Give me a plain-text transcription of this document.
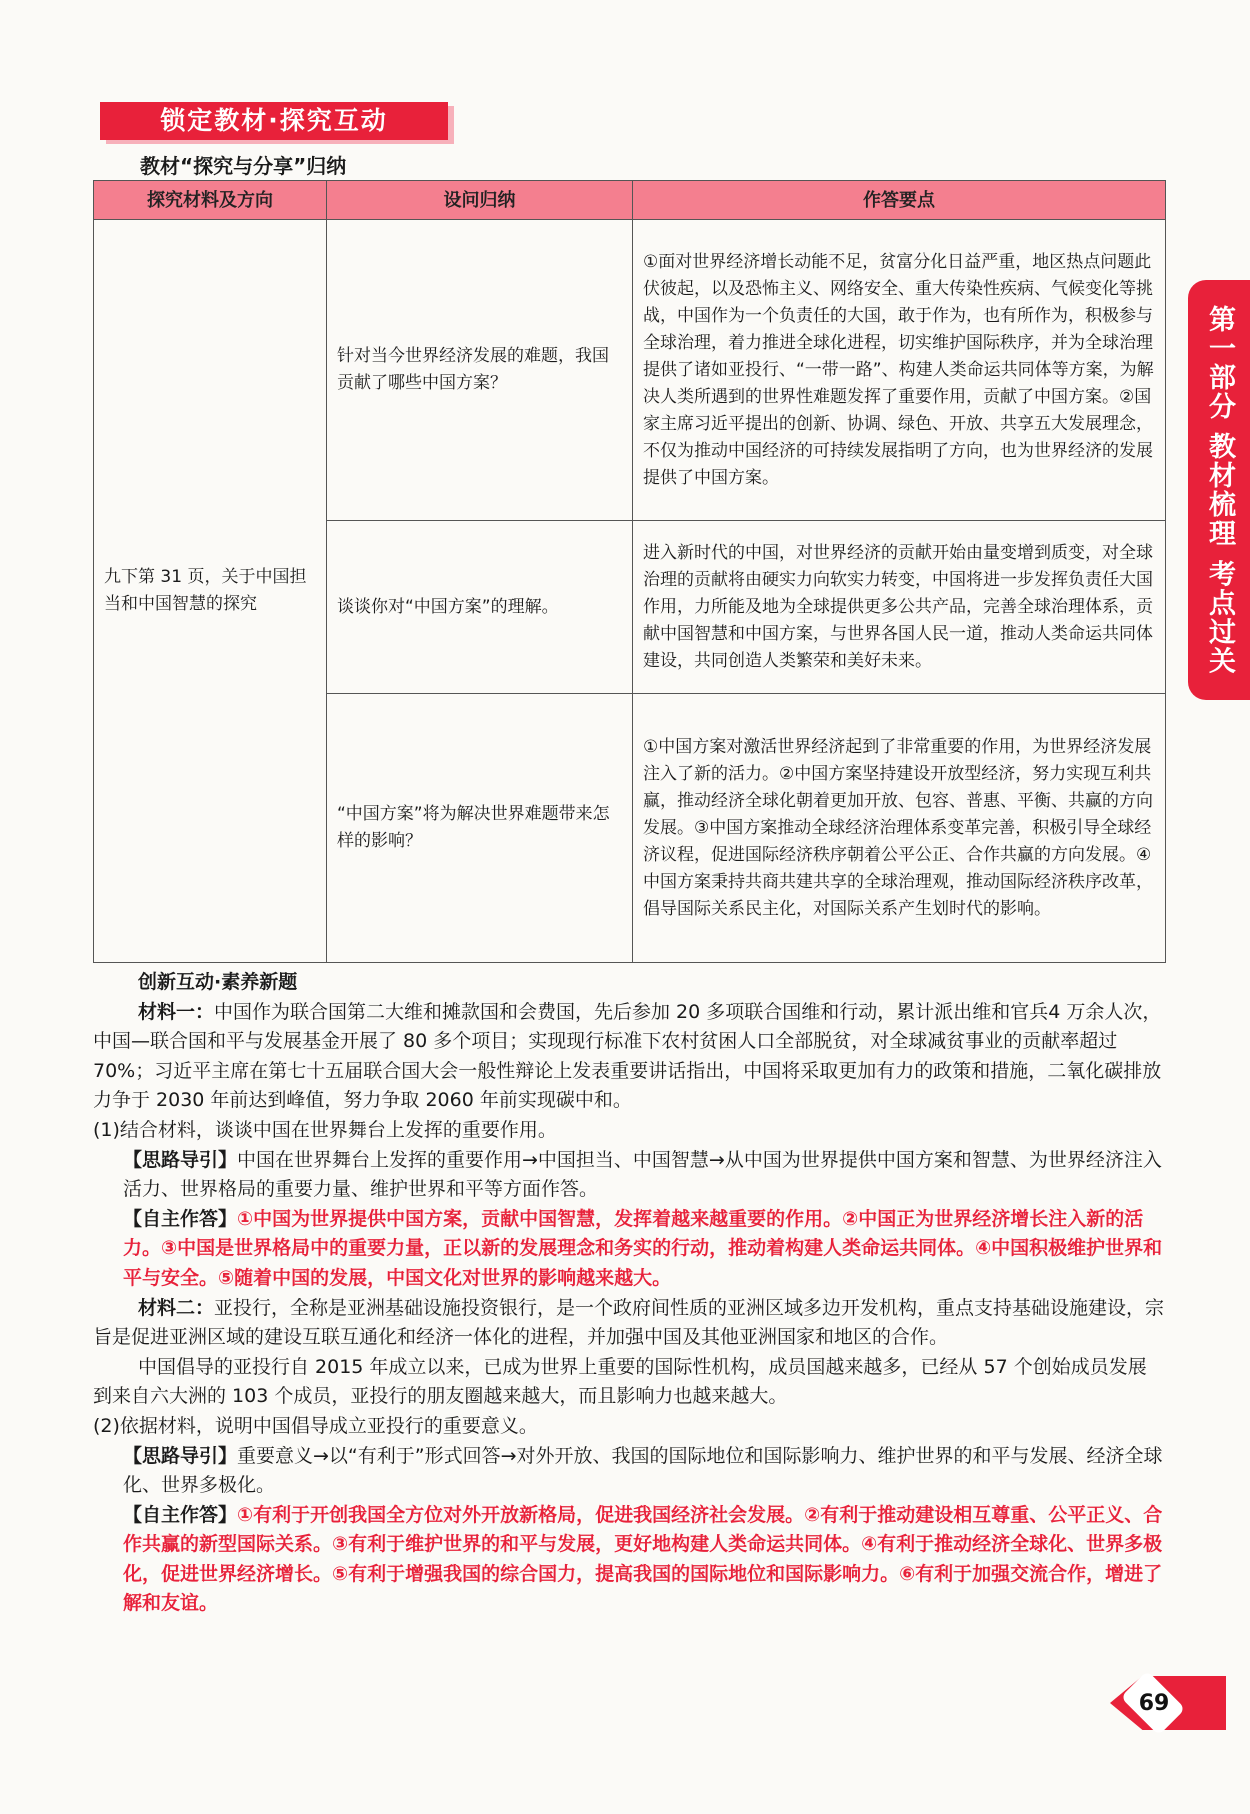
锁定教材·探究互动
教材“探究与分享”归纳
探究材料及方向	设问归纳	作答要点
九下第 31 页，关于中国担当和中国智慧的探究	针对当今世界经济发展的难题，我国贡献了哪些中国方案？	①面对世界经济增长动能不足，贫富分化日益严重，地区热点问题此伏彼起，以及恐怖主义、网络安全、重大传染性疾病、气候变化等挑战，中国作为一个负责任的大国，敢于作为，也有所作为，积极参与全球治理，着力推进全球化进程，切实维护国际秩序，并为全球治理提供了诸如亚投行、“一带一路”、构建人类命运共同体等方案，为解决人类所遇到的世界性难题发挥了重要作用，贡献了中国方案。②国家主席习近平提出的创新、协调、绿色、开放、共享五大发展理念，不仅为推动中国经济的可持续发展指明了方向，也为世界经济的发展提供了中国方案。
	谈谈你对“中国方案”的理解。	进入新时代的中国，对世界经济的贡献开始由量变增到质变，对全球治理的贡献将由硬实力向软实力转变，中国将进一步发挥负责任大国作用，力所能及地为全球提供更多公共产品，完善全球治理体系，贡献中国智慧和中国方案，与世界各国人民一道，推动人类命运共同体建设，共同创造人类繁荣和美好未来。
	“中国方案”将为解决世界难题带来怎样的影响？	①中国方案对激活世界经济起到了非常重要的作用，为世界经济发展注入了新的活力。②中国方案坚持建设开放型经济，努力实现互利共赢，推动经济全球化朝着更加开放、包容、普惠、平衡、共赢的方向发展。③中国方案推动全球经济治理体系变革完善，积极引导全球经济议程，促进国际经济秩序朝着公平公正、合作共赢的方向发展。④中国方案秉持共商共建共享的全球治理观，推动国际经济秩序改革，倡导国际关系民主化，对国际关系产生划时代的影响。
第一部分 教材梳理 考点过关

创新互动·素养新题

材料一：中国作为联合国第二大维和摊款国和会费国，先后参加 20 多项联合国维和行动，累计派出维和官兵4 万余人次，中国—联合国和平与发展基金开展了 80 多个项目；实现现行标准下农村贫困人口全部脱贫，对全球减贫事业的贡献率超过 70%；习近平主席在第七十五届联合国大会一般性辩论上发表重要讲话指出，中国将采取更加有力的政策和措施，二氧化碳排放力争于 2030 年前达到峰值，努力争取 2060 年前实现碳中和。

(1)结合材料，谈谈中国在世界舞台上发挥的重要作用。

【思路导引】中国在世界舞台上发挥的重要作用→中国担当、中国智慧→从中国为世界提供中国方案和智慧、为世界经济注入活力、世界格局的重要力量、维护世界和平等方面作答。

【自主作答】①中国为世界提供中国方案，贡献中国智慧，发挥着越来越重要的作用。②中国正为世界经济增长注入新的活力。③中国是世界格局中的重要力量，正以新的发展理念和务实的行动，推动着构建人类命运共同体。④中国积极维护世界和平与安全。⑤随着中国的发展，中国文化对世界的影响越来越大。

材料二：亚投行，全称是亚洲基础设施投资银行，是一个政府间性质的亚洲区域多边开发机构，重点支持基础设施建设，宗旨是促进亚洲区域的建设互联互通化和经济一体化的进程，并加强中国及其他亚洲国家和地区的合作。

中国倡导的亚投行自 2015 年成立以来，已成为世界上重要的国际性机构，成员国越来越多，已经从 57 个创始成员发展到来自六大洲的 103 个成员，亚投行的朋友圈越来越大，而且影响力也越来越大。

(2)依据材料，说明中国倡导成立亚投行的重要意义。

【思路导引】重要意义→以“有利于”形式回答→对外开放、我国的国际地位和国际影响力、维护世界的和平与发展、经济全球化、世界多极化。

【自主作答】①有利于开创我国全方位对外开放新格局，促进我国经济社会发展。②有利于推动建设相互尊重、公平正义、合作共赢的新型国际关系。③有利于维护世界的和平与发展，更好地构建人类命运共同体。④有利于推动经济全球化、世界多极化，促进世界经济增长。⑤有利于增强我国的综合国力，提高我国的国际地位和国际影响力。⑥有利于加强交流合作，增进了解和友谊。

69
